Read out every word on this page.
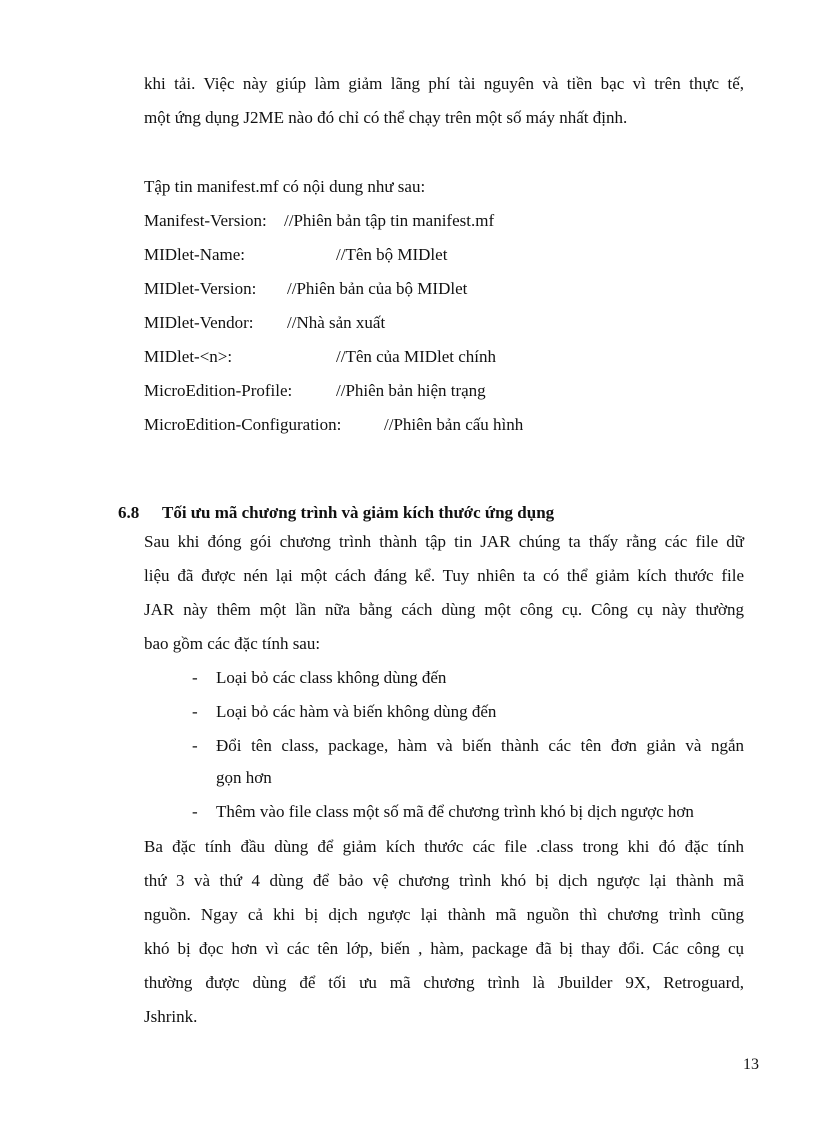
khi tải. Việc này giúp làm giảm lãng phí tài nguyên và tiền bạc vì trên thực tế,
một ứng dụng J2ME nào đó chỉ có thể chạy trên một số máy nhất định.
Tập tin manifest.mf có nội dung như sau:
Manifest-Version: //Phiên bản tập tin manifest.mf
MIDlet-Name:	//Tên bộ MIDlet
MIDlet-Version: //Phiên bản của bộ MIDlet
MIDlet-Vendor: //Nhà sản xuất
MIDlet-<n>:	//Tên của MIDlet chính
MicroEdition-Profile:	//Phiên bản hiện trạng
MicroEdition-Configuration:	//Phiên bản cấu hình
6.8 Tối ưu mã chương trình và giảm kích thước ứng dụng
Sau khi đóng gói chương trình thành tập tin JAR chúng ta thấy rằng các file dữ
liệu đã được nén lại một cách đáng kể. Tuy nhiên ta có thể giảm kích thước file
JAR này thêm một lần nữa bằng cách dùng một công cụ. Công cụ này thường
bao gồm các đặc tính sau:
- Loại bỏ các class không dùng đến
- Loại bỏ các hàm và biến không dùng đến
- Đổi tên class, package, hàm và biến thành các tên đơn giản và ngắn
gọn hơn
- Thêm vào file class một số mã để chương trình khó bị dịch ngược hơn
Ba đặc tính đầu dùng để giảm kích thước các file .class trong khi đó đặc tính
thứ 3 và thứ 4 dùng để bảo vệ chương trình khó bị dịch ngược lại thành mã
nguồn. Ngay cả khi bị dịch ngược lại thành mã nguồn thì chương trình cũng
khó bị đọc hơn vì các tên lớp, biến , hàm, package đã bị thay đổi. Các công cụ
thường được dùng để tối ưu mã chương trình là Jbuilder 9X, Retroguard,
Jshrink.
13
